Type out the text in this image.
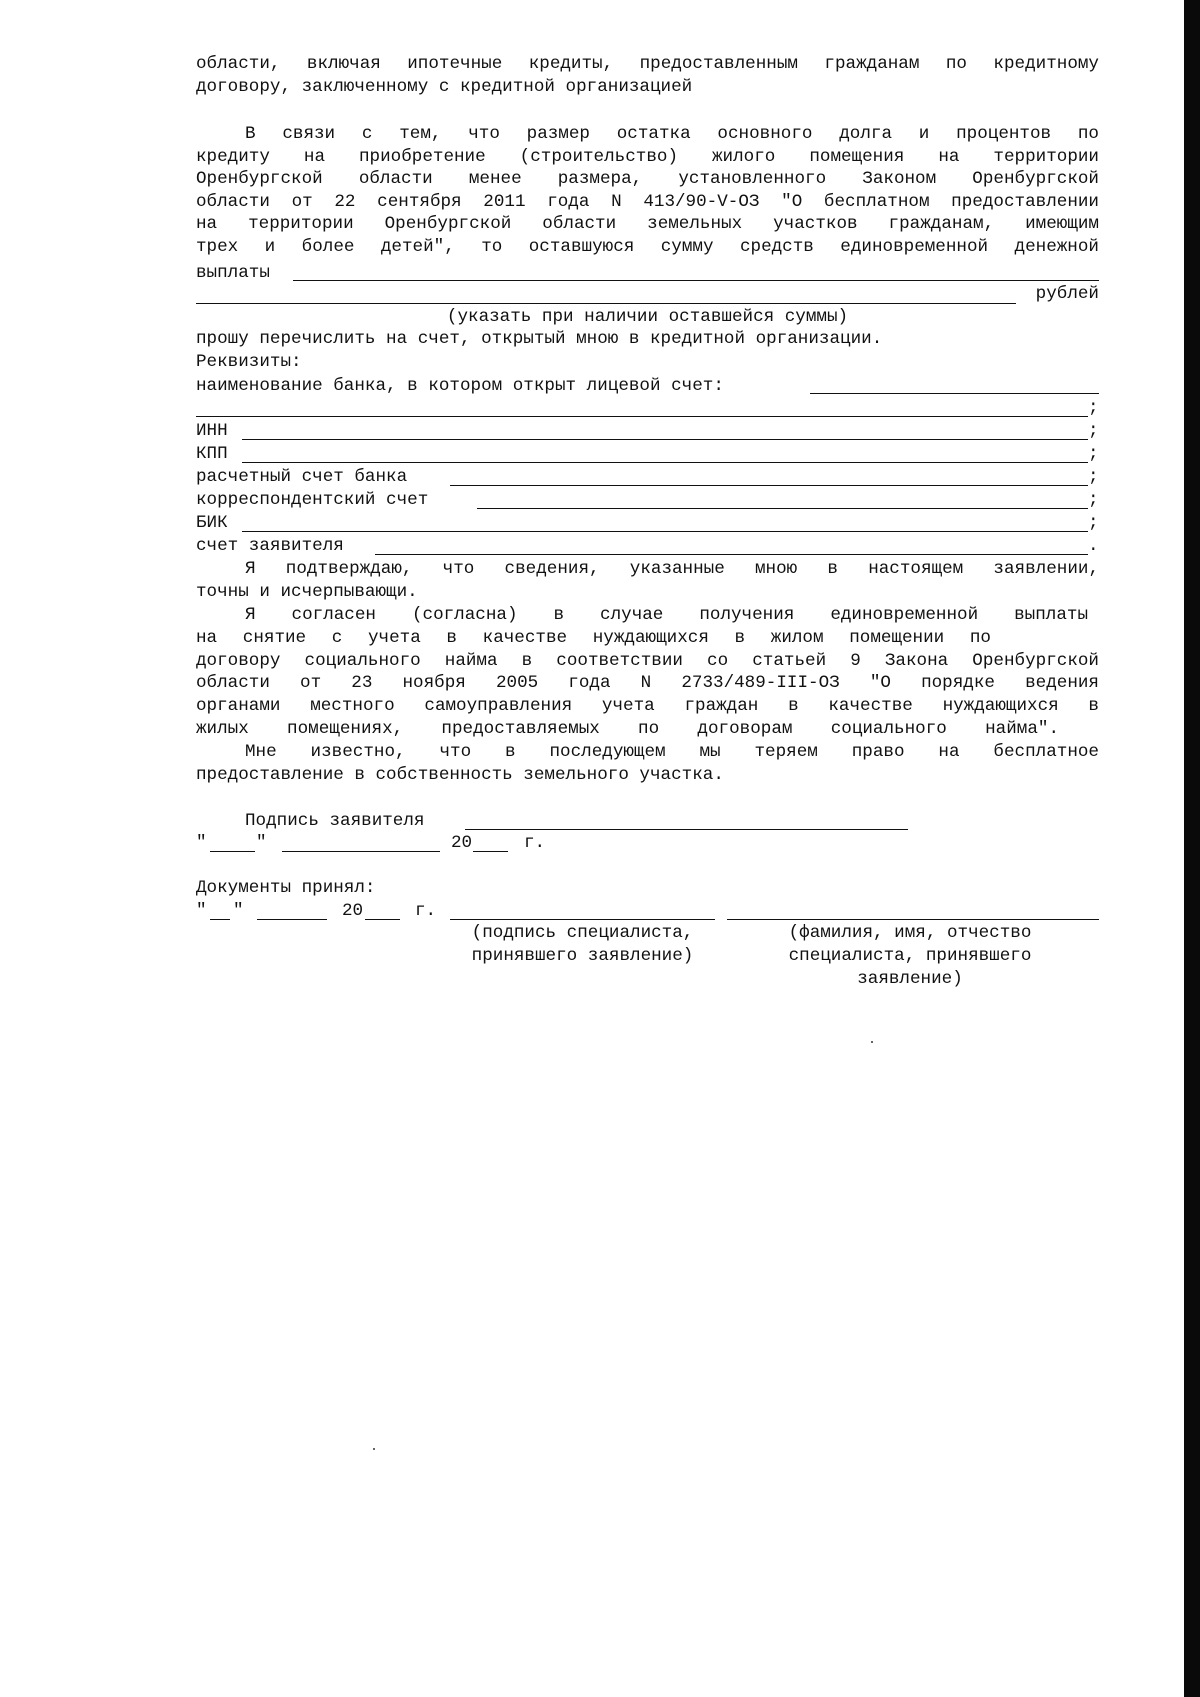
области, включая ипотечные кредиты, предоставленным гражданам по кредитному
договору, заключенному с кредитной организацией
В связи с тем, что размер остатка основного долга и процентов по
кредиту на приобретение (строительство) жилого помещения на территории
Оренбургской области менее размера, установленного Законом Оренбургской
области от 22 сентября 2011 года N 413/90-V-ОЗ "О бесплатном предоставлении
на территории Оренбургской области земельных участков гражданам, имеющим
трех и более детей", то оставшуюся сумму средств единовременной денежной
выплаты
рублей
(указать при наличии оставшейся суммы)
прошу перечислить на счет, открытый мною в кредитной организации.
Реквизиты:
наименование банка, в котором открыт лицевой счет:
;
ИНН	;
КПП	;
расчетный счет банка	;
корреспондентский счет	;
БИК	;
счет заявителя	.
Я подтверждаю, что сведения, указанные мною в настоящем заявлении,
точны и исчерпывающи.
Я согласен (согласна) в случае получения единовременной выплаты
на снятие с учета в качестве нуждающихся в жилом помещении по
договору социального найма в соответствии со статьей 9 Закона Оренбургской
области от 23 ноября 2005 года N 2733/489-III-ОЗ "О порядке ведения
органами местного самоуправления учета граждан в качестве нуждающихся в
жилых помещениях, предоставляемых по договорам социального найма".
Мне известно, что в последующем мы теряем право на бесплатное
предоставление в собственность земельного участка.
Подпись заявителя
"	"	20	г.
Документы принял:
" "	20	г.
(подпись специалиста,
принявшего заявление)
(фамилия, имя, отчество
специалиста, принявшего
заявление)
